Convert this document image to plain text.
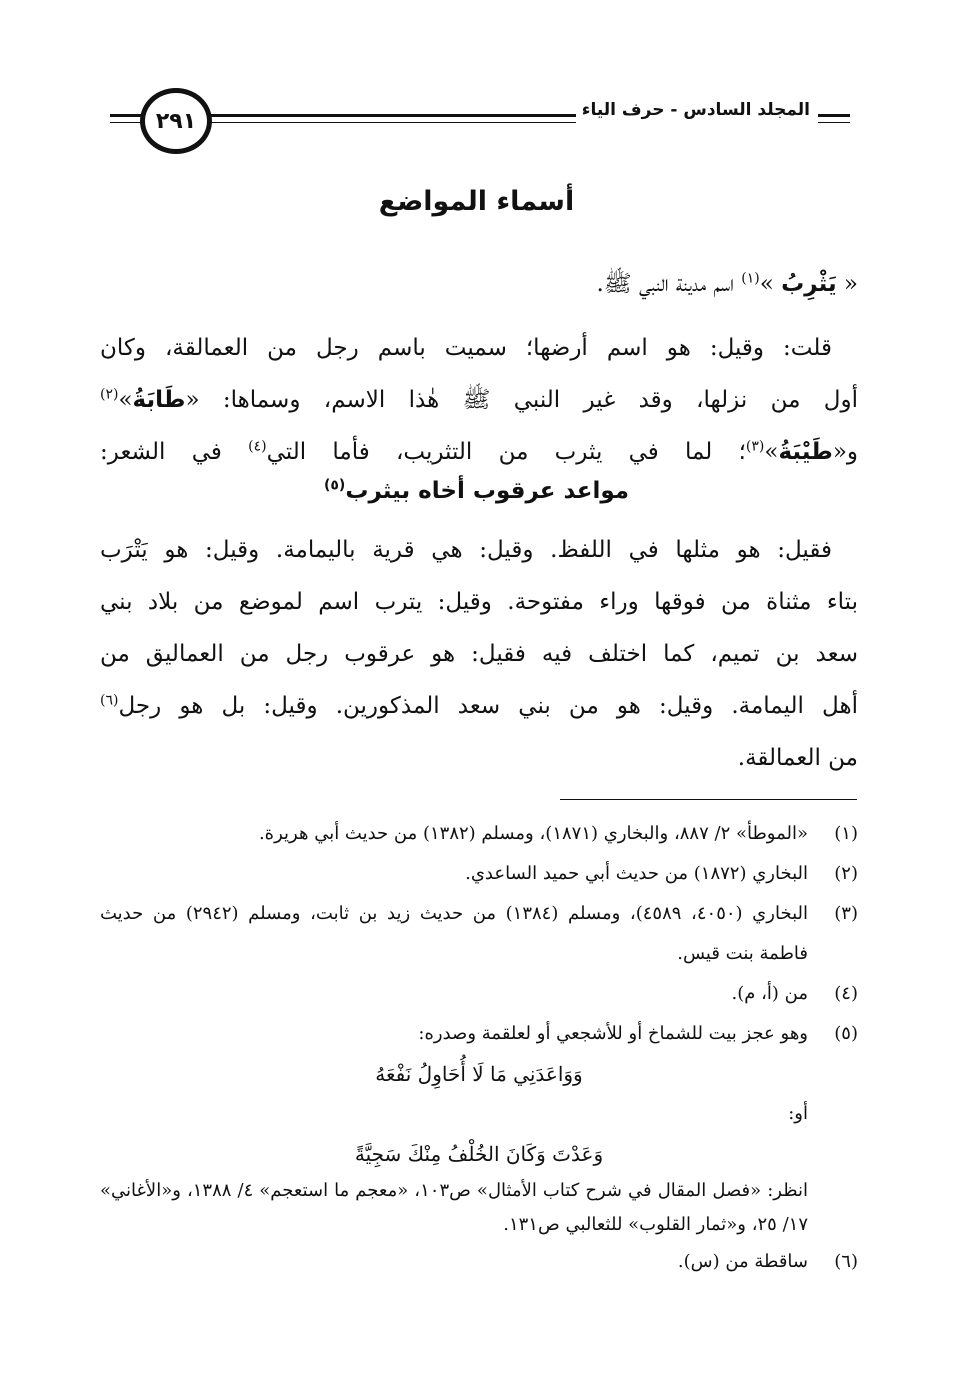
٢٩١	المجلد السادس - حرف الياء
أسماء المواضع
« يَثْرِبُ »$^{(١)}$ اسم مدينة النبي ﷺ.
قلت: وقيل: هو اسم أرضها؛ سميت باسم رجل من العمالقة، وكان
أول من نزلها، وقد غير النبي ﷺ هٰذا الاسم، وسماها: «طَابَةُ»$^{(٢)}$
و«طَيْبَةُ»$^{(٣)}$؛ لما في يثرب من التثريب، فأما التي$^{(٤)}$ في الشعر:
مواعد عرقوب أخاه بيثرب$^{(٥)}$
فقيل: هو مثلها في اللفظ. وقيل: هي قرية باليمامة. وقيل: هو يَتْرَب
بتاء مثناة من فوقها وراء مفتوحة. وقيل: يترب اسم لموضع من بلاد بني
سعد بن تميم، كما اختلف فيه فقيل: هو عرقوب رجل من العماليق من
أهل اليمامة. وقيل: هو من بني سعد المذكورين. وقيل: بل هو رجل$^{(٦)}$
من العمالقة.
(١)
«الموطأ» ٢/ ٨٨٧، والبخاري (١٨٧١)، ومسلم (١٣٨٢) من حديث أبي هريرة.
(٢)
البخاري (١٨٧٢) من حديث أبي حميد الساعدي.
(٣)
البخاري (٤٠٥٠، ٤٥٨٩)، ومسلم (١٣٨٤) من حديث زيد بن ثابت، ومسلم (٢٩٤٢) من حديث فاطمة بنت قيس.
(٤)
من (أ، م).
(٥)
وهو عجز بيت للشماخ أو للأشجعي أو لعلقمة وصدره:
وَوَاعَدَنِي مَا لَا أُحَاوِلُ نَفْعَهُ
أو:
وَعَدْتَ وَكَانَ الخُلْفُ مِنْكَ سَجِيَّةً
انظر: «فصل المقال في شرح كتاب الأمثال» ص١٠٣، «معجم ما استعجم» ٤/ ١٣٨٨، و«الأغاني» ١٧/ ٢٥، و«ثمار القلوب» للثعالبي ص١٣١.
(٦)
ساقطة من (س).
